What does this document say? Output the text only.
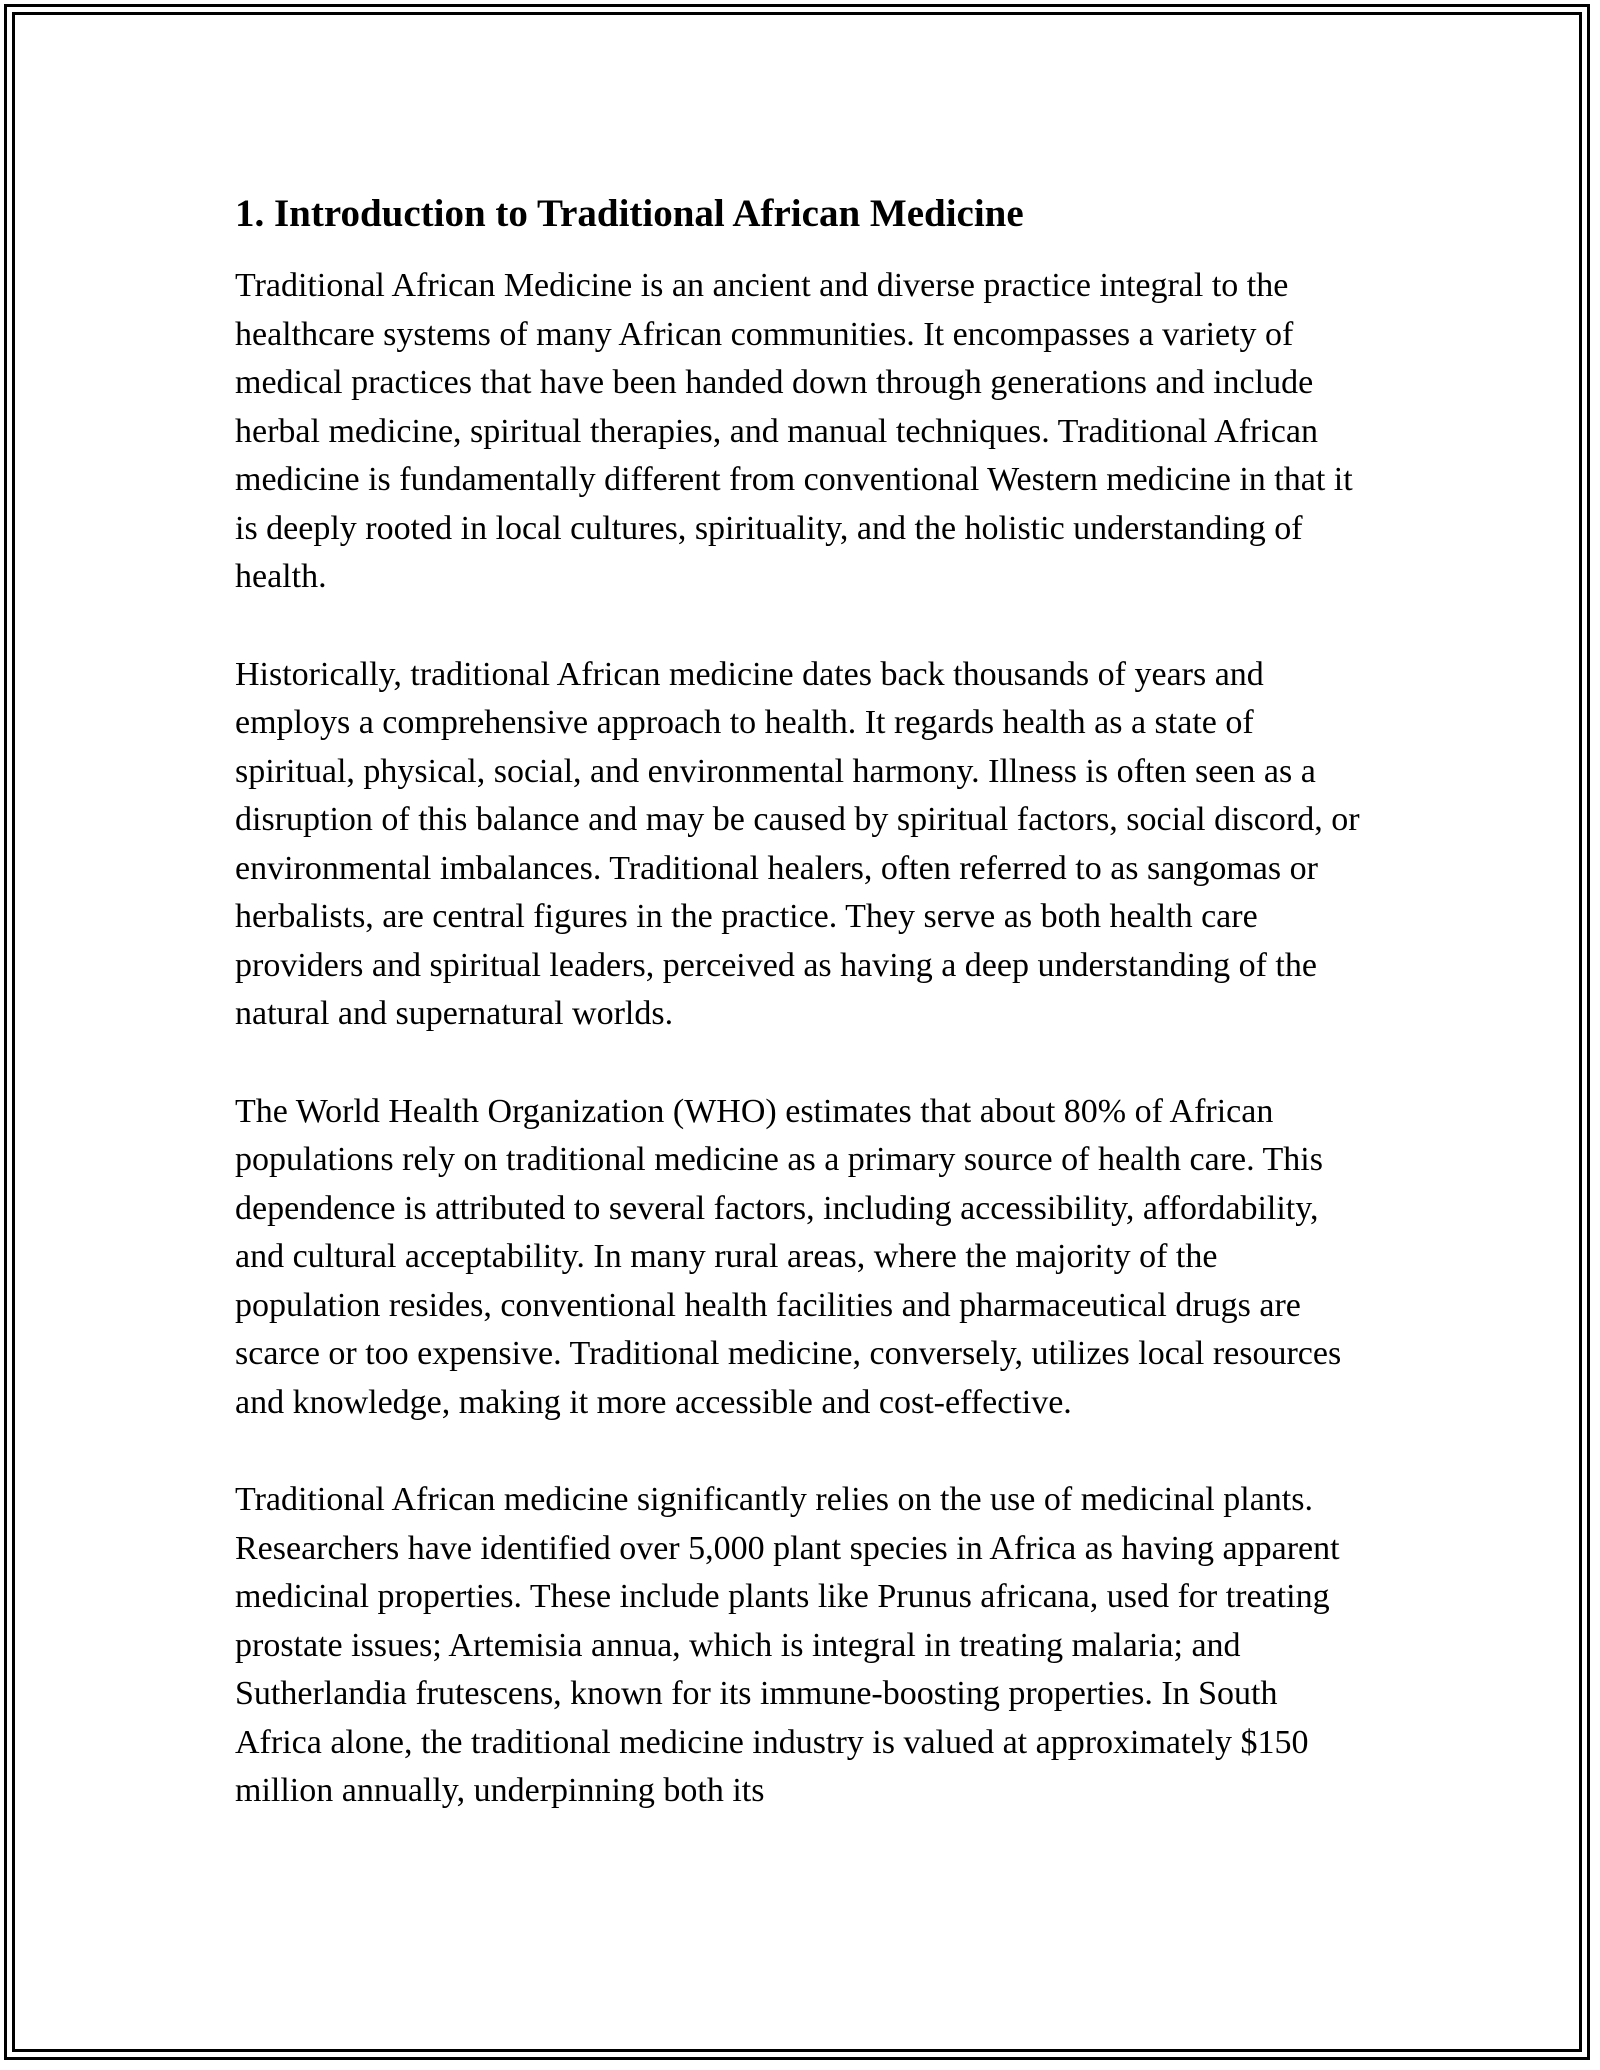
1. Introduction to Traditional African Medicine

Traditional African Medicine is an ancient and diverse practice integral to the healthcare systems of many African communities. It encompasses a variety of medical practices that have been handed down through generations and include herbal medicine, spiritual therapies, and manual techniques. Traditional African medicine is fundamentally different from conventional Western medicine in that it is deeply rooted in local cultures, spirituality, and the holistic understanding of health.

Historically, traditional African medicine dates back thousands of years and employs a comprehensive approach to health. It regards health as a state of spiritual, physical, social, and environmental harmony. Illness is often seen as a disruption of this balance and may be caused by spiritual factors, social discord, or environmental imbalances. Traditional healers, often referred to as sangomas or herbalists, are central figures in the practice. They serve as both health care providers and spiritual leaders, perceived as having a deep understanding of the natural and supernatural worlds.

The World Health Organization (WHO) estimates that about 80% of African populations rely on traditional medicine as a primary source of health care. This dependence is attributed to several factors, including accessibility, affordability, and cultural acceptability. In many rural areas, where the majority of the population resides, conventional health facilities and pharmaceutical drugs are scarce or too expensive. Traditional medicine, conversely, utilizes local resources and knowledge, making it more accessible and cost-effective.

Traditional African medicine significantly relies on the use of medicinal plants. Researchers have identified over 5,000 plant species in Africa as having apparent medicinal properties. These include plants like Prunus africana, used for treating prostate issues; Artemisia annua, which is integral in treating malaria; and Sutherlandia frutescens, known for its immune-boosting properties. In South Africa alone, the traditional medicine industry is valued at approximately $150 million annually, underpinning both its
